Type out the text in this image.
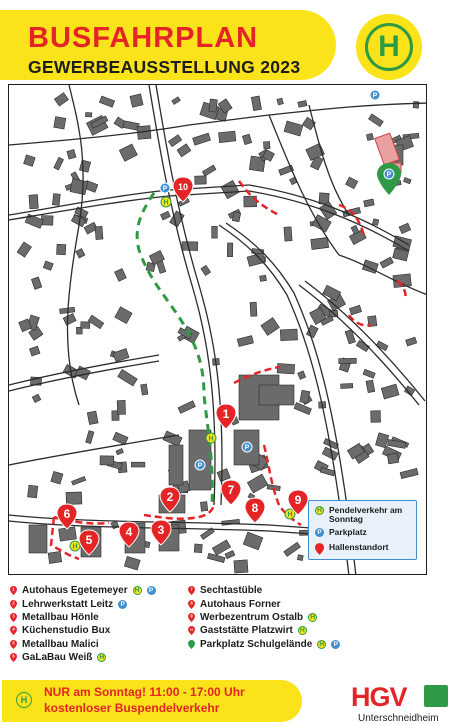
BUSFAHRPLAN
GEWERBEAUSSTELLUNG 2023
H
P
P
P
P
H
H
H
H
1
2
3
4
5
6
7
8
9
10
P
H Pendelverkehr am Sonntag
P Parkplatz
Hallenstandort
1 Autohaus Egetemeyer	H	P
2 Lehrwerkstatt Leitz	P
3 Metallbau Hönle
4 Küchenstudio Bux
5 Metallbau Malici
6 GaLaBau Weiß	H
7 Sechtastüble
8 Autohaus Forner
9 Werbezentrum Ostalb	H
10 Gaststätte Platzwirt	H
Parkplatz Schulgelände	H	P
H
NUR am Sonntag! 11:00 - 17:00 Uhr
kostenloser Buspendelverkehr	HGV
Unterschneidheim
